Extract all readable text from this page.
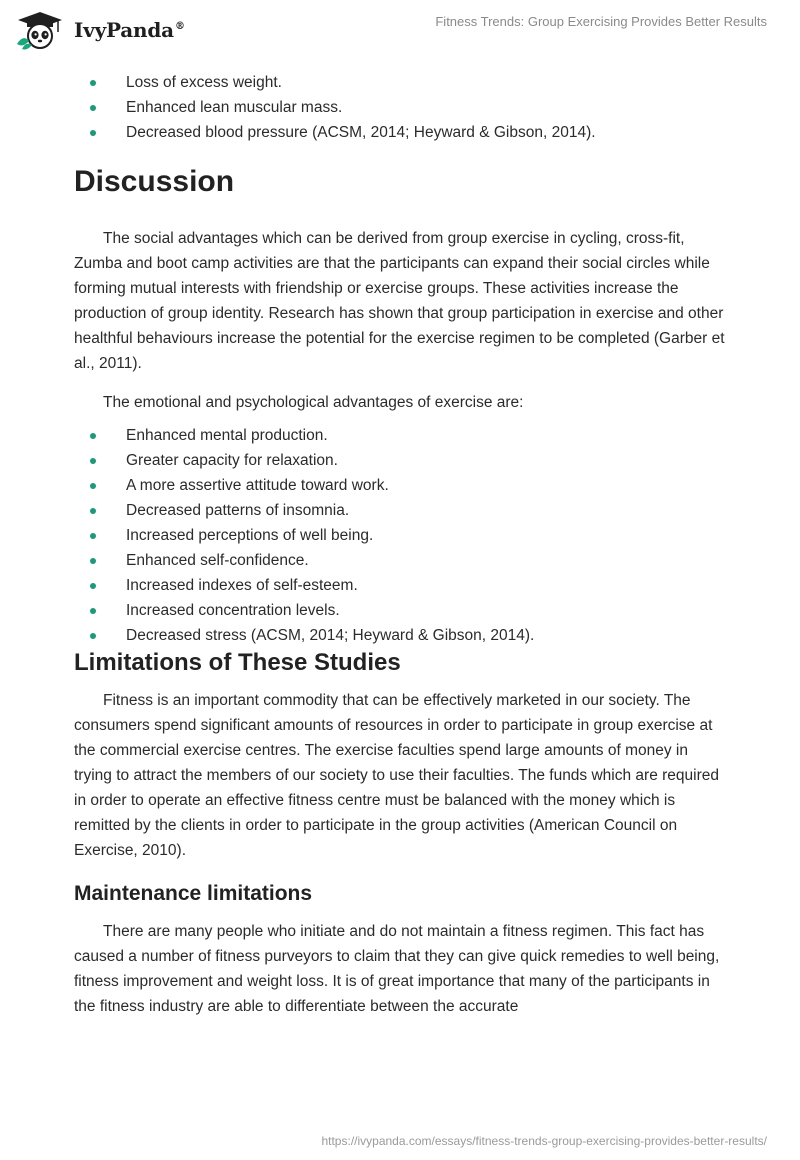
IvyPanda®	Fitness Trends: Group Exercising Provides Better Results
Loss of excess weight.
Enhanced lean muscular mass.
Decreased blood pressure (ACSM, 2014; Heyward & Gibson, 2014).
Discussion

The social advantages which can be derived from group exercise in cycling, cross-fit, Zumba and boot camp activities are that the participants can expand their social circles while forming mutual interests with friendship or exercise groups. These activities increase the production of group identity. Research has shown that group participation in exercise and other healthful behaviours increase the potential for the exercise regimen to be completed (Garber et al., 2011).

The emotional and psychological advantages of exercise are:

Enhanced mental production.
Greater capacity for relaxation.
A more assertive attitude toward work.
Decreased patterns of insomnia.
Increased perceptions of well being.
Enhanced self-confidence.
Increased indexes of self-esteem.
Increased concentration levels.
Decreased stress (ACSM, 2014; Heyward & Gibson, 2014).
Limitations of These Studies

Fitness is an important commodity that can be effectively marketed in our society. The consumers spend significant amounts of resources in order to participate in group exercise at the commercial exercise centres. The exercise faculties spend large amounts of money in trying to attract the members of our society to use their faculties. The funds which are required in order to operate an effective fitness centre must be balanced with the money which is remitted by the clients in order to participate in the group activities (American Council on Exercise, 2010).

Maintenance limitations

There are many people who initiate and do not maintain a fitness regimen. This fact has caused a number of fitness purveyors to claim that they can give quick remedies to well being, fitness improvement and weight loss. It is of great importance that many of the participants in the fitness industry are able to differentiate between the accurate

https://ivypanda.com/essays/fitness-trends-group-exercising-provides-better-results/
